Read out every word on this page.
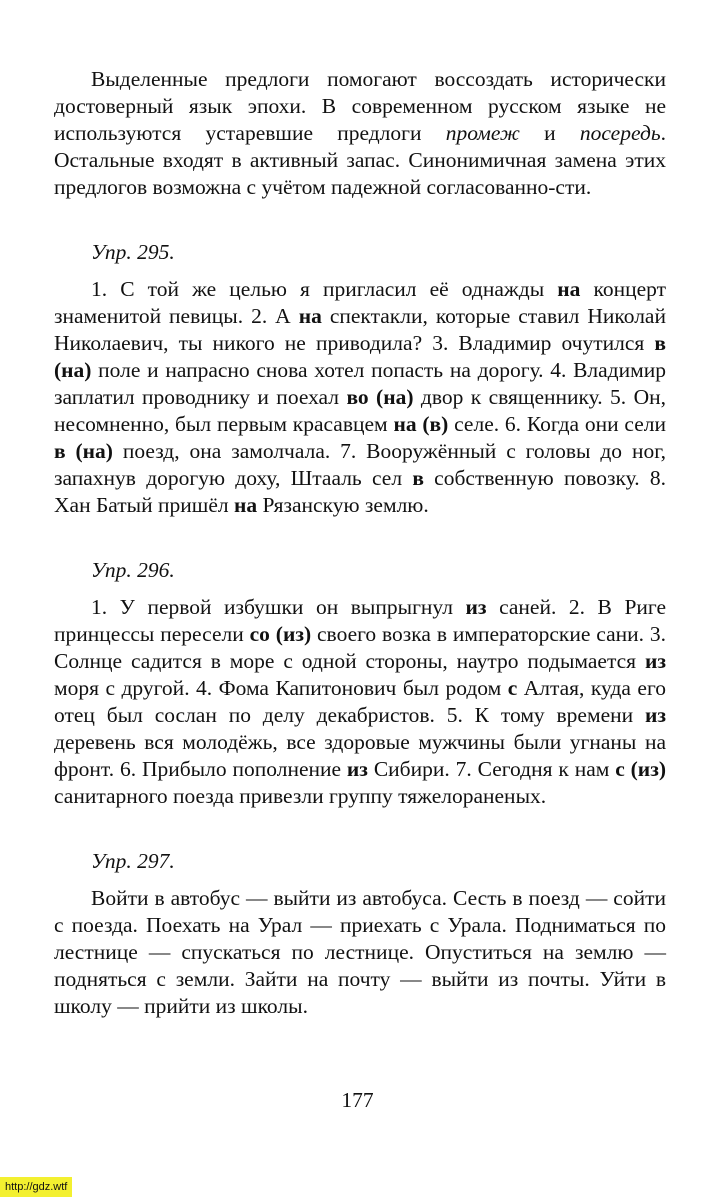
Выделенные предлоги помогают воссоздать исторически достоверный язык эпохи. В современном русском языке не используются устаревшие предлоги промеж и посередь. Остальные входят в активный запас. Синонимичная замена этих предлогов возможна с учётом падежной согласованно-сти.

Упр. 295.

1. С той же целью я пригласил её однажды на концерт знаменитой певицы. 2. А на спектакли, которые ставил Николай Николаевич, ты никого не приводила? 3. Владимир очутился в (на) поле и напрасно снова хотел попасть на дорогу. 4. Владимир заплатил проводнику и поехал во (на) двор к священнику. 5. Он, несомненно, был первым красавцем на (в) селе. 6. Когда они сели в (на) поезд, она замолчала. 7. Вооружённый с головы до ног, запахнув дорогую доху, Штааль сел в собственную повозку. 8. Хан Батый пришёл на Рязанскую землю.

Упр. 296.

1. У первой избушки он выпрыгнул из саней. 2. В Риге принцессы пересели со (из) своего возка в императорские сани. 3. Солнце садится в море с одной стороны, наутро подымается из моря с другой. 4. Фома Капитонович был родом с Алтая, куда его отец был сослан по делу декабристов. 5. К тому времени из деревень вся молодёжь, все здоровые мужчины были угнаны на фронт. 6. Прибыло пополнение из Сибири. 7. Сегодня к нам с (из) санитарного поезда привезли группу тяжелораненых.

Упр. 297.

Войти в автобус — выйти из автобуса. Сесть в поезд — сойти с поезда. Поехать на Урал — приехать с Урала. Подниматься по лестнице — спускаться по лестнице. Опуститься на землю — подняться с земли. Зайти на почту — выйти из почты. Уйти в школу — прийти из школы.

177
http://gdz.wtf
